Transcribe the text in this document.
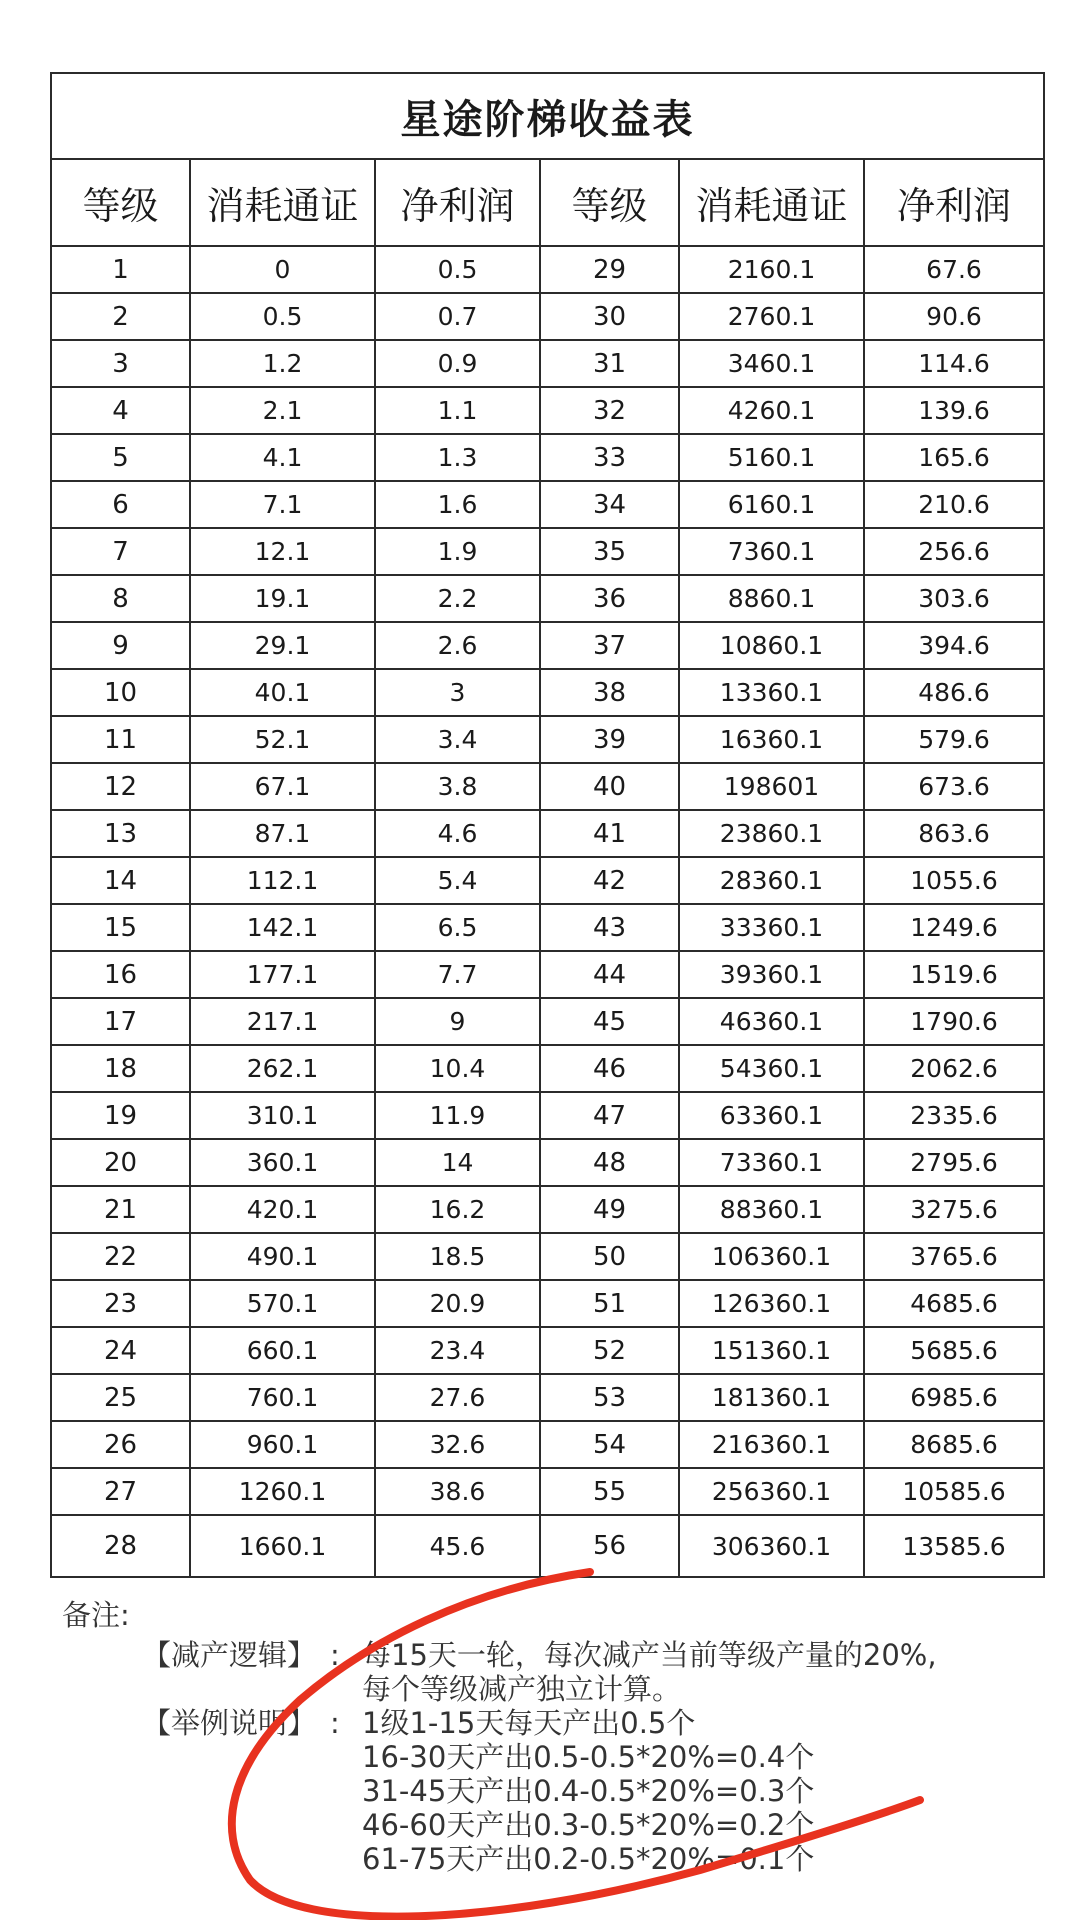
星途阶梯收益表					
等级	消耗通证	净利润	等级	消耗通证	净利润
1	0	0.5	29	2160.1	67.6
2	0.5	0.7	30	2760.1	90.6
3	1.2	0.9	31	3460.1	114.6
4	2.1	1.1	32	4260.1	139.6
5	4.1	1.3	33	5160.1	165.6
6	7.1	1.6	34	6160.1	210.6
7	12.1	1.9	35	7360.1	256.6
8	19.1	2.2	36	8860.1	303.6
9	29.1	2.6	37	10860.1	394.6
10	40.1	3	38	13360.1	486.6
11	52.1	3.4	39	16360.1	579.6
12	67.1	3.8	40	198601	673.6
13	87.1	4.6	41	23860.1	863.6
14	112.1	5.4	42	28360.1	1055.6
15	142.1	6.5	43	33360.1	1249.6
16	177.1	7.7	44	39360.1	1519.6
17	217.1	9	45	46360.1	1790.6
18	262.1	10.4	46	54360.1	2062.6
19	310.1	11.9	47	63360.1	2335.6
20	360.1	14	48	73360.1	2795.6
21	420.1	16.2	49	88360.1	3275.6
22	490.1	18.5	50	106360.1	3765.6
23	570.1	20.9	51	126360.1	4685.6
24	660.1	23.4	52	151360.1	5685.6
25	760.1	27.6	53	181360.1	6985.6
26	960.1	32.6	54	216360.1	8685.6
27	1260.1	38.6	55	256360.1	10585.6
28	1660.1	45.6	56	306360.1	13585.6
备注:
【减产逻辑】 : 每15天一轮，每次减产当前等级产量的20%,
每个等级减产独立计算。
【举例说明】 : 1级1-15天每天产出0.5个
16-30天产出0.5-0.5*20%=0.4个
31-45天产出0.4-0.5*20%=0.3个
46-60天产出0.3-0.5*20%=0.2个
61-75天产出0.2-0.5*20%=0.1个
